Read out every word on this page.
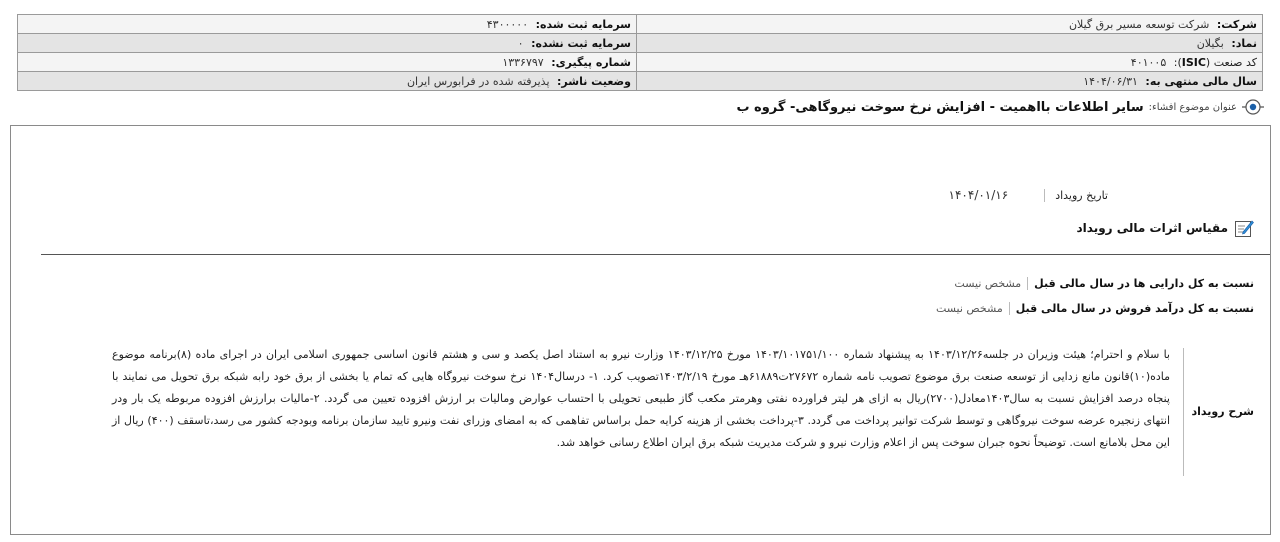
شرکت: شرکت توسعه مسیر برق گیلان	سرمایه ثبت شده: ۴۳۰۰۰۰۰
نماد: بگیلان	سرمایه ثبت نشده: ۰
کد صنعت (ISIC): ۴۰۱۰۰۵	شماره پیگیری: ۱۳۳۶۷۹۷
سال مالی منتهی به: ۱۴۰۴/۰۶/۳۱	وضعیت ناشر: پذیرفته شده در فرابورس ایران
عنوان موضوع افشاء:
سایر اطلاعات بااهمیت - افزایش نرخ سوخت نیروگاهی- گروه ب
تاریخ رویداد
۱۴۰۴/۰۱/۱۶
مقیاس اثرات مالی رویداد
نسبت به کل دارایی ها در سال مالی قبل
مشخص نیست
نسبت به کل درآمد فروش در سال مالی قبل
مشخص نیست
شرح رویداد
با سلام و احترام؛ هیئت وزیران در جلسه۱۴۰۳/۱۲/۲۶ به پیشنهاد شماره ۱۴۰۳/۱۰۱۷۵۱/۱۰۰ مورخ ۱۴۰۳/۱۲/۲۵ وزارت نیرو به استناد اصل یکصد و سی و هشتم قانون اساسی جمهوری اسلامی ایران در اجرای ماده (۸)برنامه موضوع ماده(۱۰)قانون مانع زدایی از توسعه صنعت برق موضوع تصویب نامه شماره ۲۷۶۷۲ت۶۱۸۸۹هـ مورخ ۱۴۰۳/۲/۱۹تصویب کرد. ۱- درسال۱۴۰۴ نرخ سوخت نیروگاه هایی که تمام یا بخشی از برق خود رابه شبکه برق تحویل می نمایند با پنجاه درصد افزایش نسبت به سال۱۴۰۳معادل(۲۷۰۰)ریال به ازای هر لیتر فراورده نفتی وهرمتر مکعب گاز طبیعی تحویلی با احتساب عوارض ومالیات بر ارزش افزوده تعیین می گردد. ۲-مالیات برارزش افزوده مربوطه یک بار ودر انتهای زنجیره عرضه سوخت نیروگاهی و توسط شرکت توانیر پرداخت می گردد. ۳-پرداخت بخشی از هزینه کرایه حمل براساس تفاهمی که به امضای وزرای نفت ونیرو تایید سازمان برنامه وبودجه کشور می رسد،تاسقف (۴۰۰) ریال از این محل بلامانع است. توضیحاً نحوه جبران سوخت پس از اعلام وزارت نیرو و شرکت مدیریت شبکه برق ایران اطلاع رسانی خواهد شد.
